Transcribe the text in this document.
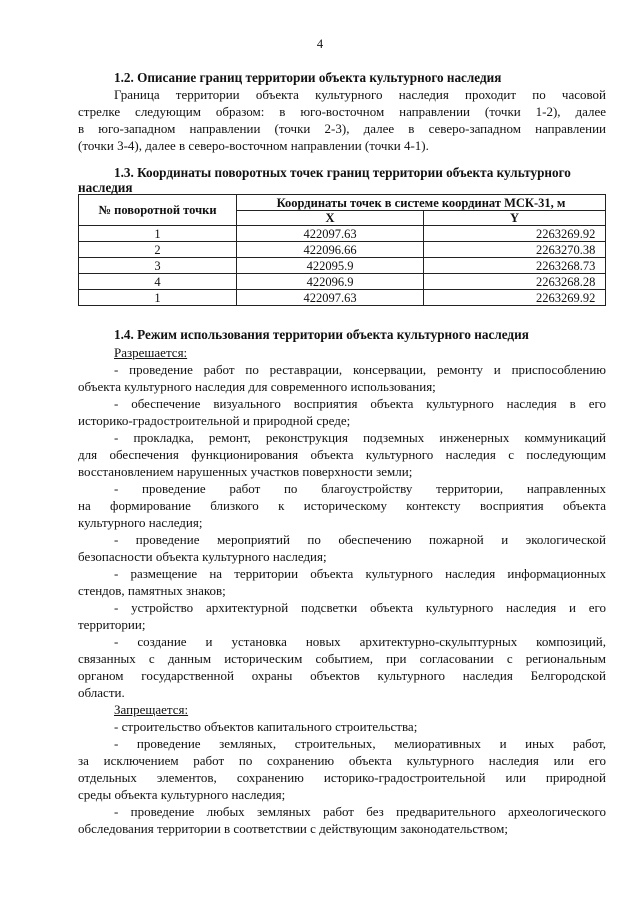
4
1.2. Описание границ территории объекта культурного наследия
Граница территории объекта культурного наследия проходит по часовой
стрелке следующим образом: в юго-восточном направлении (точки 1-2), далее
в юго-западном направлении (точки 2-3), далее в северо-западном направлении
(точки 3-4), далее в северо-восточном направлении (точки 4-1).
1.3. Координаты поворотных точек границ территории объекта культурного
наследия
№ поворотной точки	Координаты точек в системе координат МСК-31, м	
	X	Y
1	422097.63	2263269.92
2	422096.66	2263270.38
3	422095.9	2263268.73
4	422096.9	2263268.28
1	422097.63	2263269.92
1.4. Режим использования территории объекта культурного наследия
Разрешается:
- проведение работ по реставрации, консервации, ремонту и приспособлению
объекта культурного наследия для современного использования;
- обеспечение визуального восприятия объекта культурного наследия в его
историко-градостроительной и природной среде;
- прокладка, ремонт, реконструкция подземных инженерных коммуникаций
для обеспечения функционирования объекта культурного наследия с последующим
восстановлением нарушенных участков поверхности земли;
- проведение работ по благоустройству территории, направленных
на формирование близкого к историческому контексту восприятия объекта
культурного наследия;
- проведение мероприятий по обеспечению пожарной и экологической
безопасности объекта культурного наследия;
- размещение на территории объекта культурного наследия информационных
стендов, памятных знаков;
- устройство архитектурной подсветки объекта культурного наследия и его
территории;
- создание и установка новых архитектурно-скульптурных композиций,
связанных с данным историческим событием, при согласовании с региональным
органом государственной охраны объектов культурного наследия Белгородской
области.
Запрещается:
- строительство объектов капитального строительства;
- проведение земляных, строительных, мелиоративных и иных работ,
за исключением работ по сохранению объекта культурного наследия или его
отдельных элементов, сохранению историко-градостроительной или природной
среды объекта культурного наследия;
- проведение любых земляных работ без предварительного археологического
обследования территории в соответствии с действующим законодательством;
